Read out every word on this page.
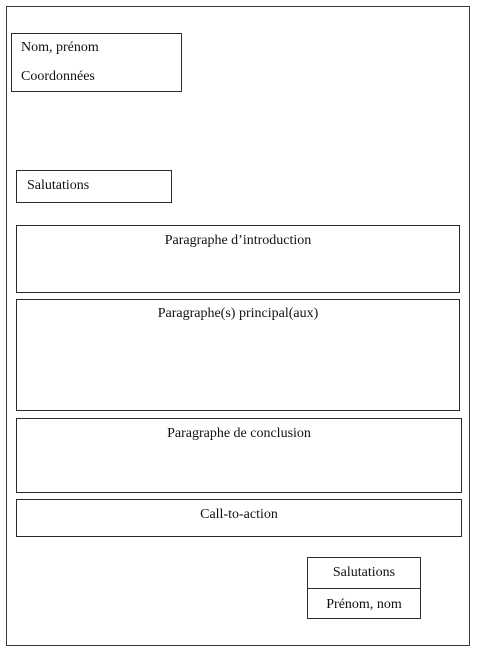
Nom, prénom
Coordonnées
Salutations
Paragraphe d’introduction
Paragraphe(s) principal(aux)
Paragraphe de conclusion
Call-to-action
Salutations
Prénom, nom
